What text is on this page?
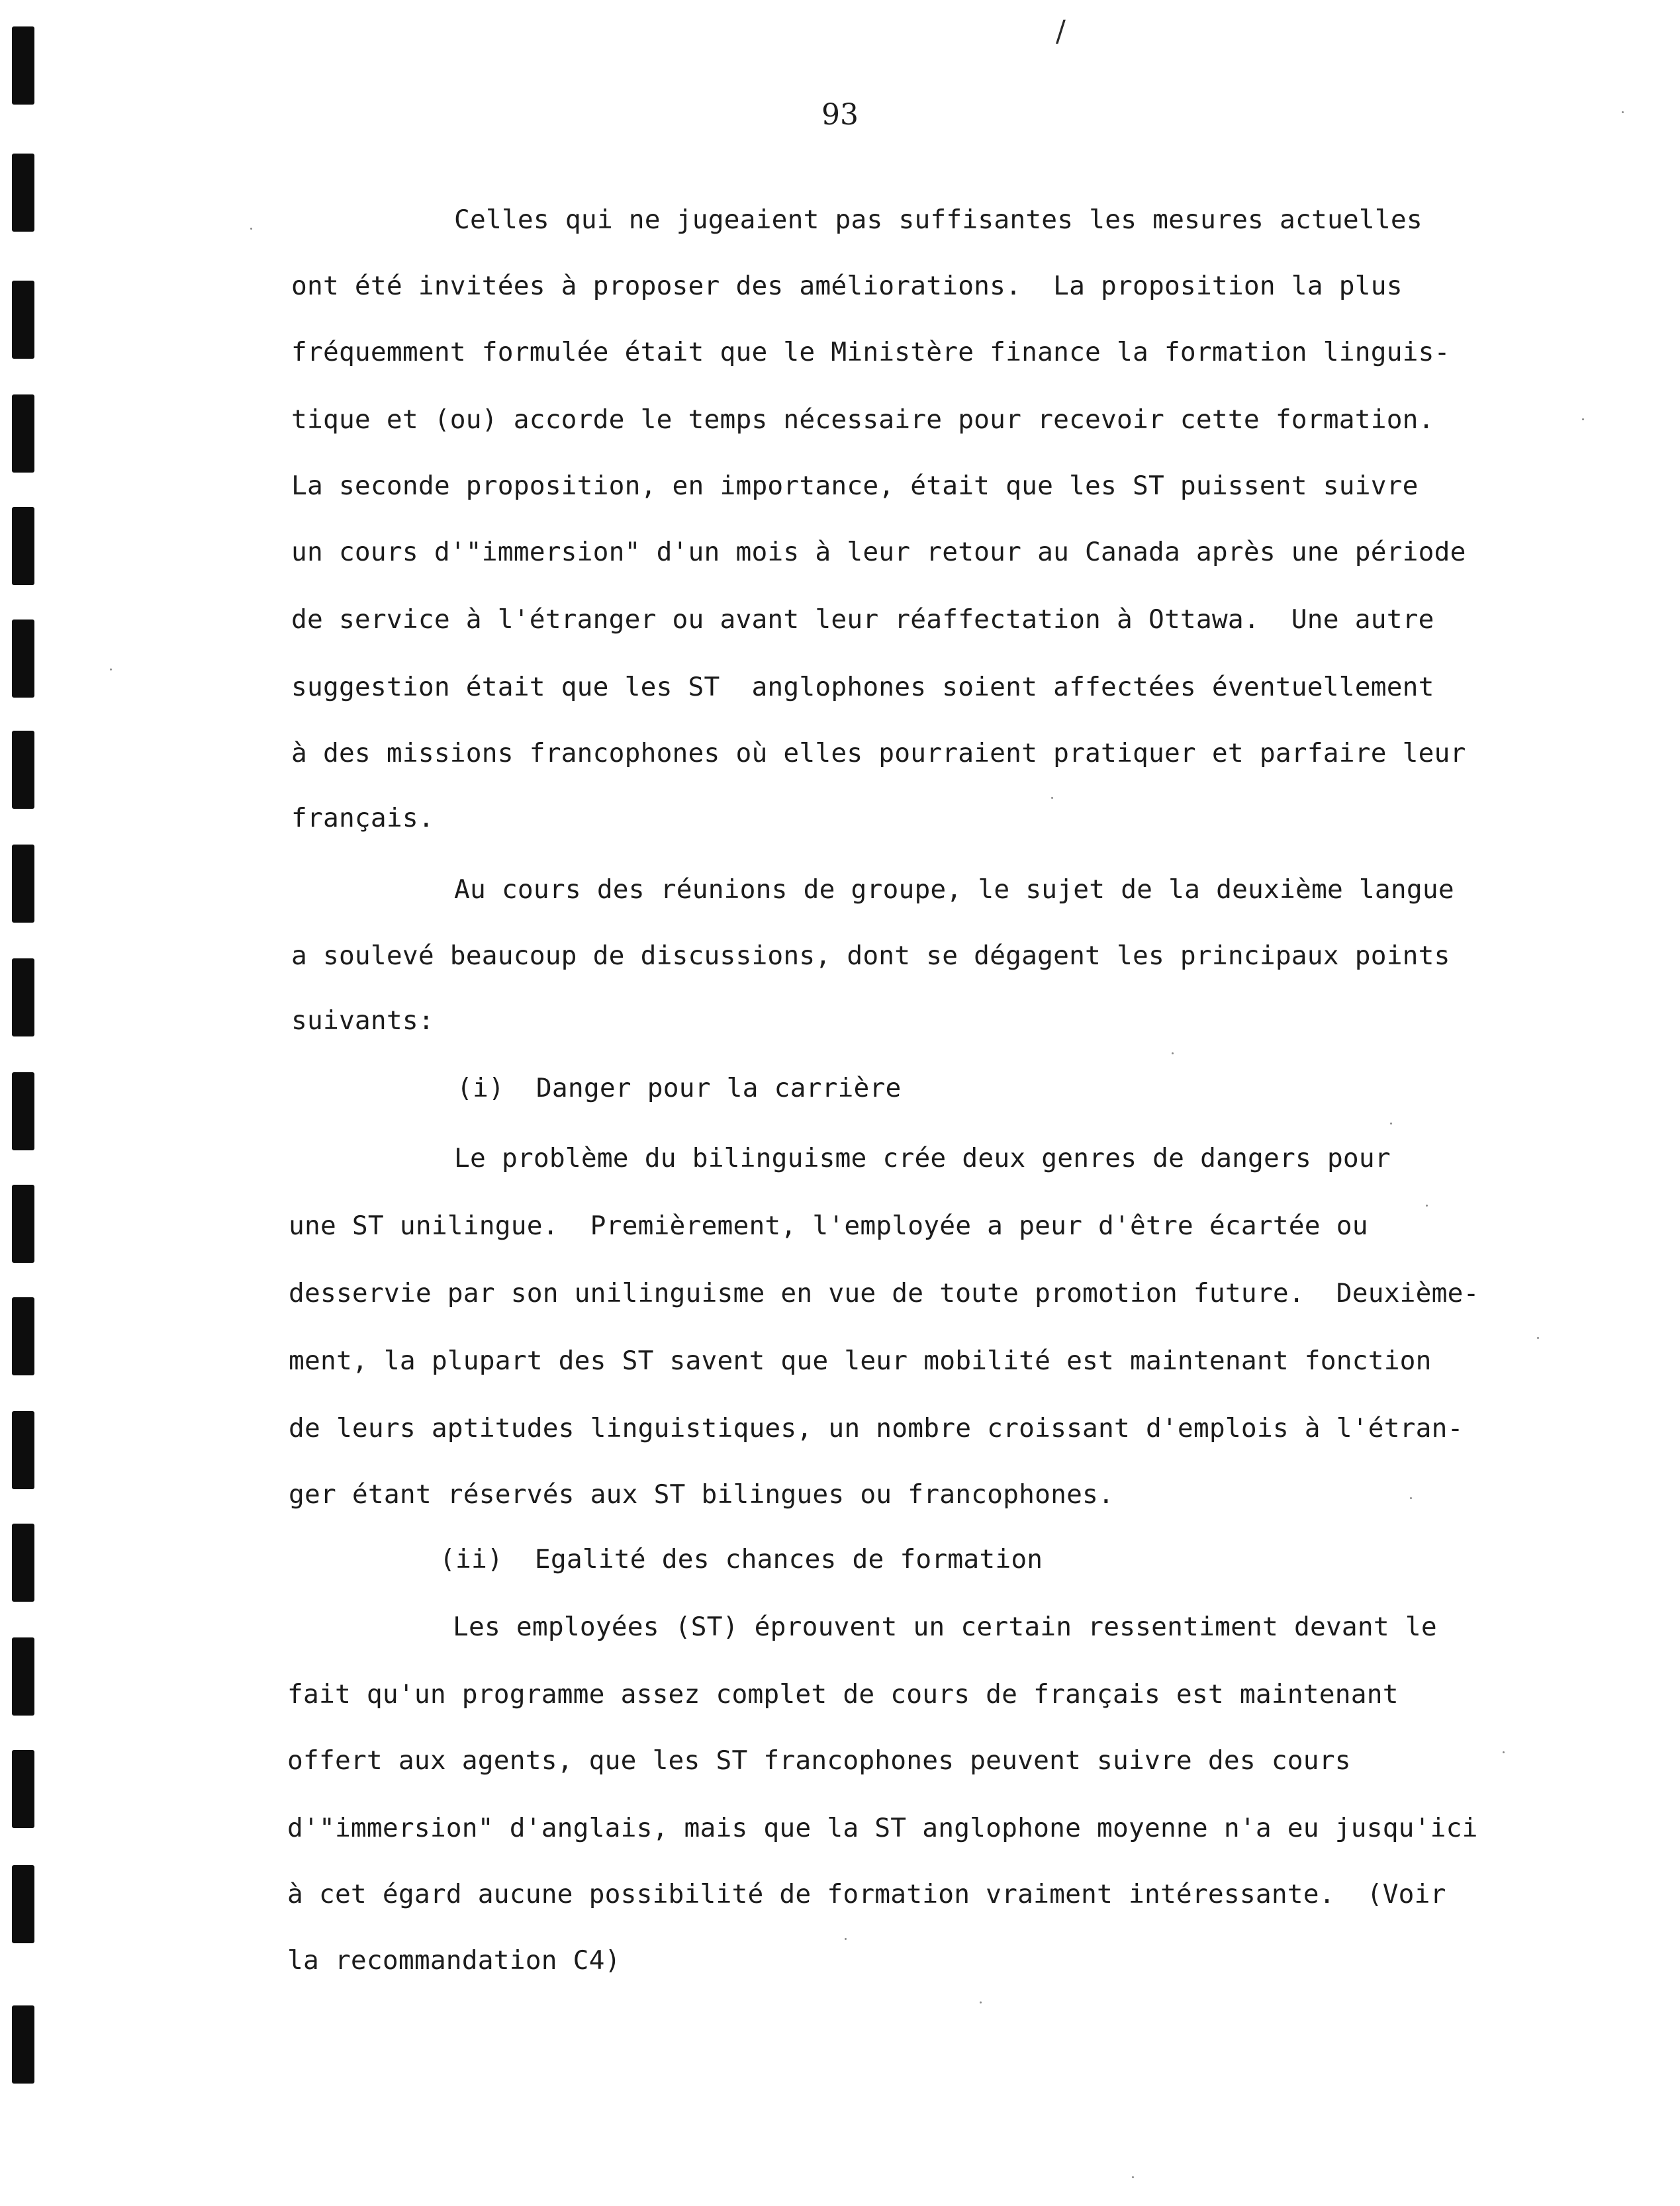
/
93
Celles qui ne jugeaient pas suffisantes les mesures actuelles
ont été invitées à proposer des améliorations.  La proposition la plus
fréquemment formulée était que le Ministère finance la formation linguis-
tique et (ou) accorde le temps nécessaire pour recevoir cette formation.
La seconde proposition, en importance, était que les ST puissent suivre
un cours d'"immersion" d'un mois à leur retour au Canada après une période
de service à l'étranger ou avant leur réaffectation à Ottawa.  Une autre
suggestion était que les ST  anglophones soient affectées éventuellement
à des missions francophones où elles pourraient pratiquer et parfaire leur
français.
Au cours des réunions de groupe, le sujet de la deuxième langue
a soulevé beaucoup de discussions, dont se dégagent les principaux points
suivants:
(i)  Danger pour la carrière
Le problème du bilinguisme crée deux genres de dangers pour
une ST unilingue.  Premièrement, l'employée a peur d'être écartée ou
desservie par son unilinguisme en vue de toute promotion future.  Deuxième-
ment, la plupart des ST savent que leur mobilité est maintenant fonction
de leurs aptitudes linguistiques, un nombre croissant d'emplois à l'étran-
ger étant réservés aux ST bilingues ou francophones.
(ii)  Egalité des chances de formation
Les employées (ST) éprouvent un certain ressentiment devant le
fait qu'un programme assez complet de cours de français est maintenant
offert aux agents, que les ST francophones peuvent suivre des cours
d'"immersion" d'anglais, mais que la ST anglophone moyenne n'a eu jusqu'ici
à cet égard aucune possibilité de formation vraiment intéressante.  (Voir
la recommandation C4)
